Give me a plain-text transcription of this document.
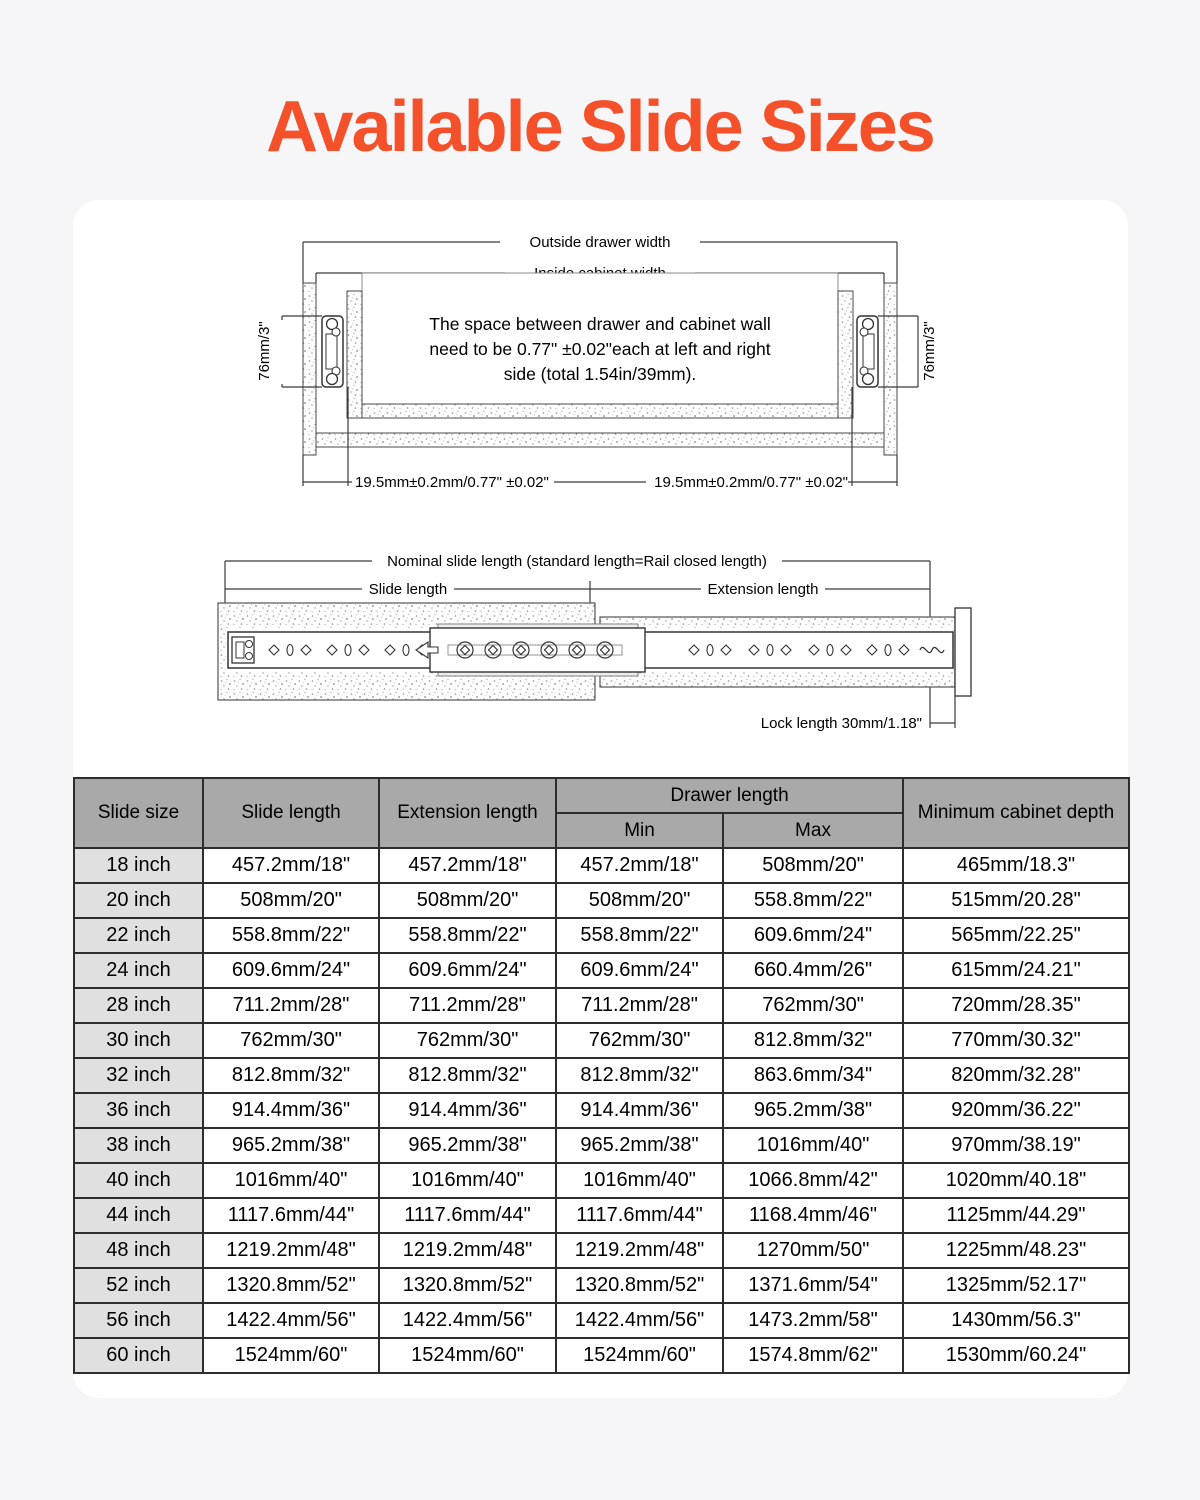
Available Slide Sizes
Outside drawer width
76mm/3"	76mm/3"
The space between drawer and cabinet wall
need to be 0.77" ±0.02"each at left and right
side (total 1.54in/39mm).
19.5mm±0.2mm/0.77" ±0.02"	19.5mm±0.2mm/0.77" ±0.02"
Nominal slide length (standard length=Rail closed length)
Slide length	Extension length
Lock length 30mm/1.18"
Slide size	Slide length	Extension length	Drawer length		Minimum cabinet depth
			Min	Max	
18 inch	457.2mm/18"	457.2mm/18"	457.2mm/18"	508mm/20"	465mm/18.3"
20 inch	508mm/20"	508mm/20"	508mm/20"	558.8mm/22"	515mm/20.28"
22 inch	558.8mm/22"	558.8mm/22"	558.8mm/22"	609.6mm/24"	565mm/22.25"
24 inch	609.6mm/24"	609.6mm/24"	609.6mm/24"	660.4mm/26"	615mm/24.21"
28 inch	711.2mm/28"	711.2mm/28"	711.2mm/28"	762mm/30"	720mm/28.35"
30 inch	762mm/30"	762mm/30"	762mm/30"	812.8mm/32"	770mm/30.32"
32 inch	812.8mm/32"	812.8mm/32"	812.8mm/32"	863.6mm/34"	820mm/32.28"
36 inch	914.4mm/36"	914.4mm/36"	914.4mm/36"	965.2mm/38"	920mm/36.22"
38 inch	965.2mm/38"	965.2mm/38"	965.2mm/38"	1016mm/40"	970mm/38.19"
40 inch	1016mm/40"	1016mm/40"	1016mm/40"	1066.8mm/42"	1020mm/40.18"
44 inch	1117.6mm/44"	1117.6mm/44"	1117.6mm/44"	1168.4mm/46"	1125mm/44.29"
48 inch	1219.2mm/48"	1219.2mm/48"	1219.2mm/48"	1270mm/50"	1225mm/48.23"
52 inch	1320.8mm/52"	1320.8mm/52"	1320.8mm/52"	1371.6mm/54"	1325mm/52.17"
56 inch	1422.4mm/56"	1422.4mm/56"	1422.4mm/56"	1473.2mm/58"	1430mm/56.3"
60 inch	1524mm/60"	1524mm/60"	1524mm/60"	1574.8mm/62"	1530mm/60.24"
